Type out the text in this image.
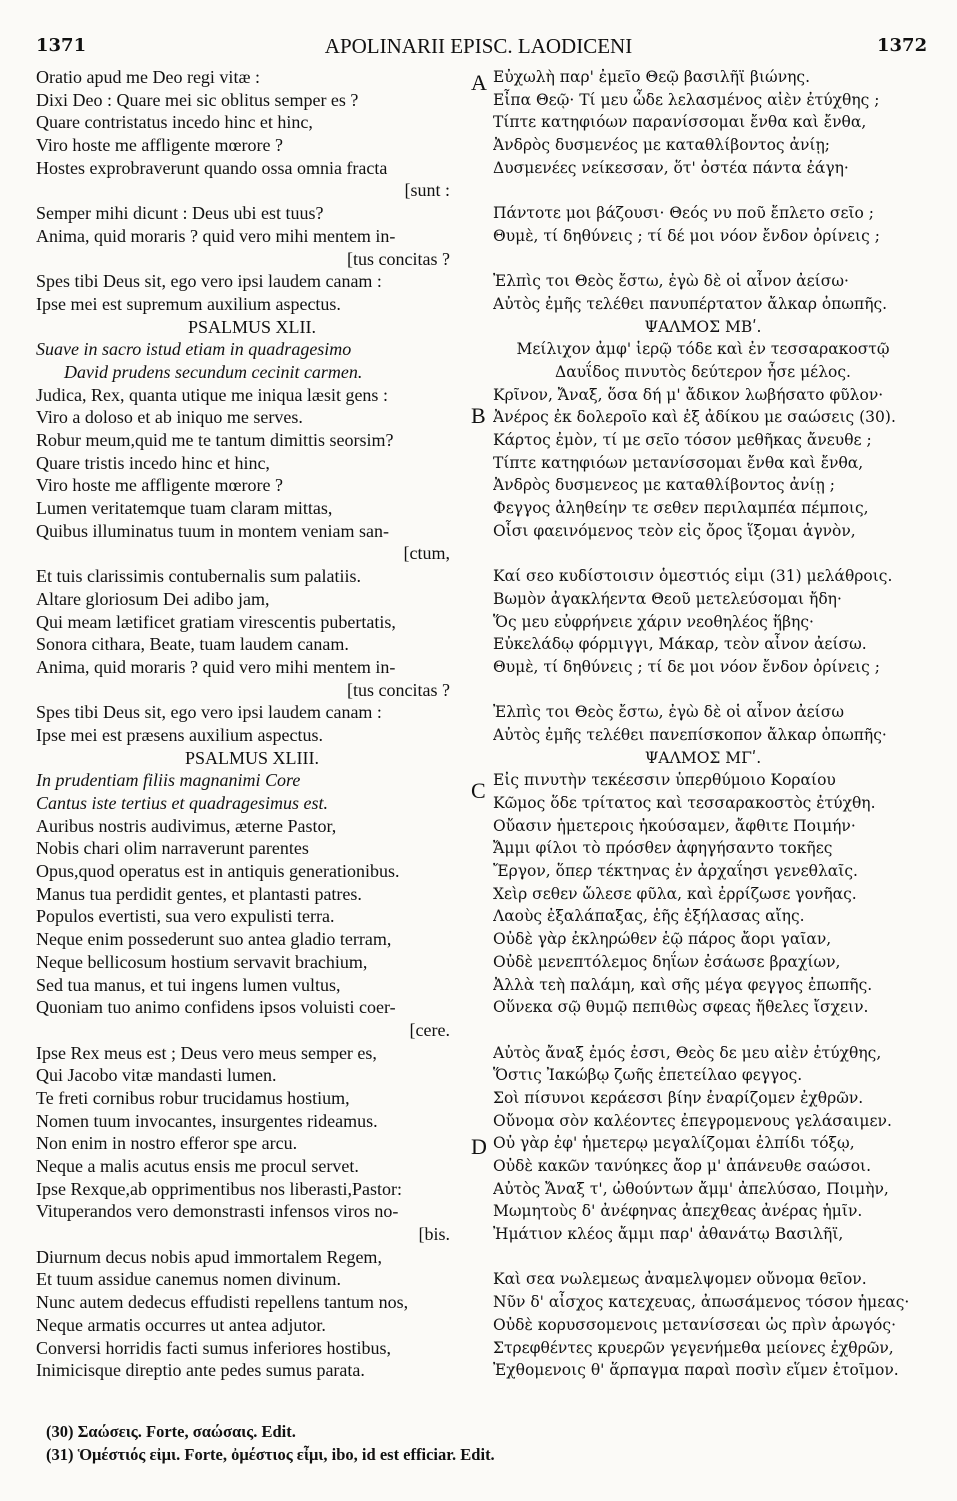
1371	APOLINARII EPISC. LAODICENI	1372
A
B
C
D
Oratio apud me Deo regi vitæ :
Dixi Deo : Quare mei sic oblitus semper es ?
Quare contristatus incedo hinc et hinc,
Viro hoste me affligente mœrore ?
Hostes exprobraverunt quando ossa omnia fracta
[sunt :
Semper mihi dicunt : Deus ubi est tuus?
Anima, quid moraris ? quid vero mihi mentem in-
[tus concitas ?
Spes tibi Deus sit, ego vero ipsi laudem canam :
Ipse mei est supremum auxilium aspectus.
PSALMUS XLII.
Suave in sacro istud etiam in quadragesimo
David prudens secundum cecinit carmen.
Judica, Rex, quanta utique me iniqua læsit gens :
Viro a doloso et ab iniquo me serves.
Robur meum,quid me te tantum dimittis seorsim?
Quare tristis incedo hinc et hinc,
Viro hoste me affligente mœrore ?
Lumen veritatemque tuam claram mittas,
Quibus illuminatus tuum in montem veniam san-
[ctum,
Et tuis clarissimis contubernalis sum palatiis.
Altare gloriosum Dei adibo jam,
Qui meam lætificet gratiam virescentis pubertatis,
Sonora cithara, Beate, tuam laudem canam.
Anima, quid moraris ? quid vero mihi mentem in-
[tus concitas ?
Spes tibi Deus sit, ego vero ipsi laudem canam :
Ipse mei est præsens auxilium aspectus.
PSALMUS XLIII.
In prudentiam filiis magnanimi Core
Cantus iste tertius et quadragesimus est.
Auribus nostris audivimus, æterne Pastor,
Nobis chari olim narraverunt parentes
Opus,quod operatus est in antiquis generationibus.
Manus tua perdidit gentes, et plantasti patres.
Populos evertisti, sua vero expulisti terra.
Neque enim possederunt suo antea gladio terram,
Neque bellicosum hostium servavit brachium,
Sed tua manus, et tui ingens lumen vultus,
Quoniam tuo animo confidens ipsos voluisti coer-
[cere.
Ipse Rex meus est ; Deus vero meus semper es,
Qui Jacobo vitæ mandasti lumen.
Te freti cornibus robur trucidamus hostium,
Nomen tuum invocantes, insurgentes rideamus.
Non enim in nostro efferor spe arcu.
Neque a malis acutus ensis me procul servet.
Ipse Rexque,ab opprimentibus nos liberasti,Pastor:
Vituperandos vero demonstrasti infensos viros no-
[bis.
Diurnum decus nobis apud immortalem Regem,
Et tuum assidue canemus nomen divinum.
Nunc autem dedecus effudisti repellens tantum nos,
Neque armatis occurres ut antea adjutor.
Conversi horridis facti sumus inferiores hostibus,
Inimicisque direptio ante pedes sumus parata.
Εὐχωλὴ παρ' ἐμεῖο Θεῷ βασιλῆϊ βιώνης.
Εἶπα Θεῷ· Τί μευ ὧδε λελασμένος αἰὲν ἐτύχθης ;
Τίπτε κατηφιόων παρανίσσομαι ἔνθα καὶ ἔνθα,
Ἀνδρὸς δυσμενέος με καταθλίβοντος ἀνίῃ;
Δυσμενέες νείκεσσαν, ὅτ' ὀστέα πάντα ἐάγη·
Πάντοτε μοι βάζουσι· Θεός νυ ποῦ ἔπλετο σεῖο ;
Θυμὲ, τί δηθύνεις ; τί δέ μοι νόον ἔνδον ὀρίνεις ;
Ἐλπὶς τοι Θεὸς ἔστω, ἐγὼ δὲ οἱ αἶνον ἀείσω·
Αὐτὸς ἐμῆς τελέθει πανυπέρτατον ἄλκαρ ὀπωπῆς.
ΨΑΛΜΟΣ ΜΒʹ.
Μείλιχον ἀμφ' ἱερῷ τόδε καὶ ἐν τεσσαρακοστῷ
Δαυΐδος πινυτὸς δεύτερον ἦσε μέλος.
Κρῖνον, Ἄναξ, ὅσα δή μ' ἄδικον λωβήσατο φῦλον·
Ἀνέρος ἐκ δολεροῖο καὶ ἐξ ἀδίκου με σαώσεις (30).
Κάρτος ἐμὸν, τί με σεῖο τόσον μεθῆκας ἄνευθε ;
Τίπτε κατηφιόων μετανίσσομαι ἔνθα καὶ ἔνθα,
Ἀνδρὸς δυσμενεος με καταθλίβοντος ἀνίῃ ;
Φεγγος ἀληθείην τε σεθεν περιλαμπέα πέμποις,
Οἷσι φαεινόμενος τεὸν εἰς ὄρος ἵξομαι ἁγνὸν,
Καί σεο κυδίστοισιν ὁμεστιός εἰμι (31) μελάθροις.
Βωμὸν ἀγακλήεντα Θεοῦ μετελεύσομαι ἤδη·
Ὅς μευ εὐφρήνειε χάριν νεοθηλέος ἥβης·
Εὐκελάδῳ φόρμιγγι, Μάκαρ, τεὸν αἶνον ἀείσω.
Θυμὲ, τί δηθύνεις ; τί δε μοι νόον ἔνδον ὀρίνεις ;
Ἐλπὶς τοι Θεὸς ἔστω, ἐγὼ δὲ οἱ αἶνον ἀείσω
Αὐτὸς ἐμῆς τελέθει πανεπίσκοπον ἄλκαρ ὀπωπῆς·
ΨΑΛΜΟΣ ΜΓʹ.
Εἰς πινυτὴν τεκέεσσιν ὑπερθύμοιο Κοραίου
Κῶμος ὅδε τρίτατος καὶ τεσσαρακοστὸς ἐτύχθη.
Οὔασιν ἡμετεροις ἠκούσαμεν, ἄφθιτε Ποιμήν·
Ἄμμι φίλοι τὸ πρόσθεν ἀφηγήσαντο τοκῆες
Ἔργον, ὅπερ τέκτηνας ἐν ἀρχαΐησι γενεθλαῖς.
Χεὶρ σεθεν ὤλεσε φῦλα, καὶ ἐρρίζωσε γονῆας.
Λαοὺς ἐξαλάπαξας, ἑῆς ἐξήλασας αἴης.
Οὐδὲ γὰρ ἐκληρώθεν ἑῷ πάρος ἄορι γαῖαν,
Οὐδὲ μενεπτόλεμος δηΐων ἐσάωσε βραχίων,
Ἀλλὰ τεὴ παλάμη, καὶ σῆς μέγα φεγγος ἐπωπῆς.
Οὕνεκα σῷ θυμῷ πεπιθὼς σφεας ἤθελες ἴσχειν.
Αὐτὸς ἄναξ ἐμός ἐσσι, Θεὸς δε μευ αἰὲν ἐτύχθης,
Ὅστις Ἰακώβῳ ζωῆς ἐπετείλαο φεγγος.
Σοὶ πίσυνοι κεράεσσι βίην ἐναρίζομεν ἐχθρῶν.
Οὔνομα σὸν καλέοντες ἐπεγρομενους γελάσαιμεν.
Οὐ γὰρ ἐφ' ἡμετερῳ μεγαλίζομαι ἐλπίδι τόξῳ,
Οὐδὲ κακῶν τανύηκες ἄορ μ' ἀπάνευθε σαώσοι.
Αὐτὸς Ἄναξ τ', ὠθούντων ἄμμ' ἀπελύσαο, Ποιμὴν,
Μωμητοὺς δ' ἀνέφηνας ἀπεχθεας ἀνέρας ἡμῖν.
Ἠμάτιον κλέος ἄμμι παρ' ἀθανάτῳ Βασιλῆϊ,
Καὶ σεα νωλεμεως ἀναμελψομεν οὔνομα θεῖον.
Νῦν δ' αἶσχος κατεχευας, ἀπωσάμενος τόσον ἡμεας·
Οὐδὲ κορυσσομενοις μετανίσσεαι ὡς πρὶν ἀρωγός·
Στρεφθέντες κρυερῶν γεγενήμεθα μείονες ἐχθρῶν,
Ἐχθομενοις θ' ἅρπαγμα παραὶ ποσὶν εἵμεν ἑτοῖμον.
(30) Σαώσεις. Forte, σαώσαις. Edit.
(31) Ὁμέστιός εἰμι. Forte, ὀμέστιος εἶμι, ibo, id est efficiar. Edit.
